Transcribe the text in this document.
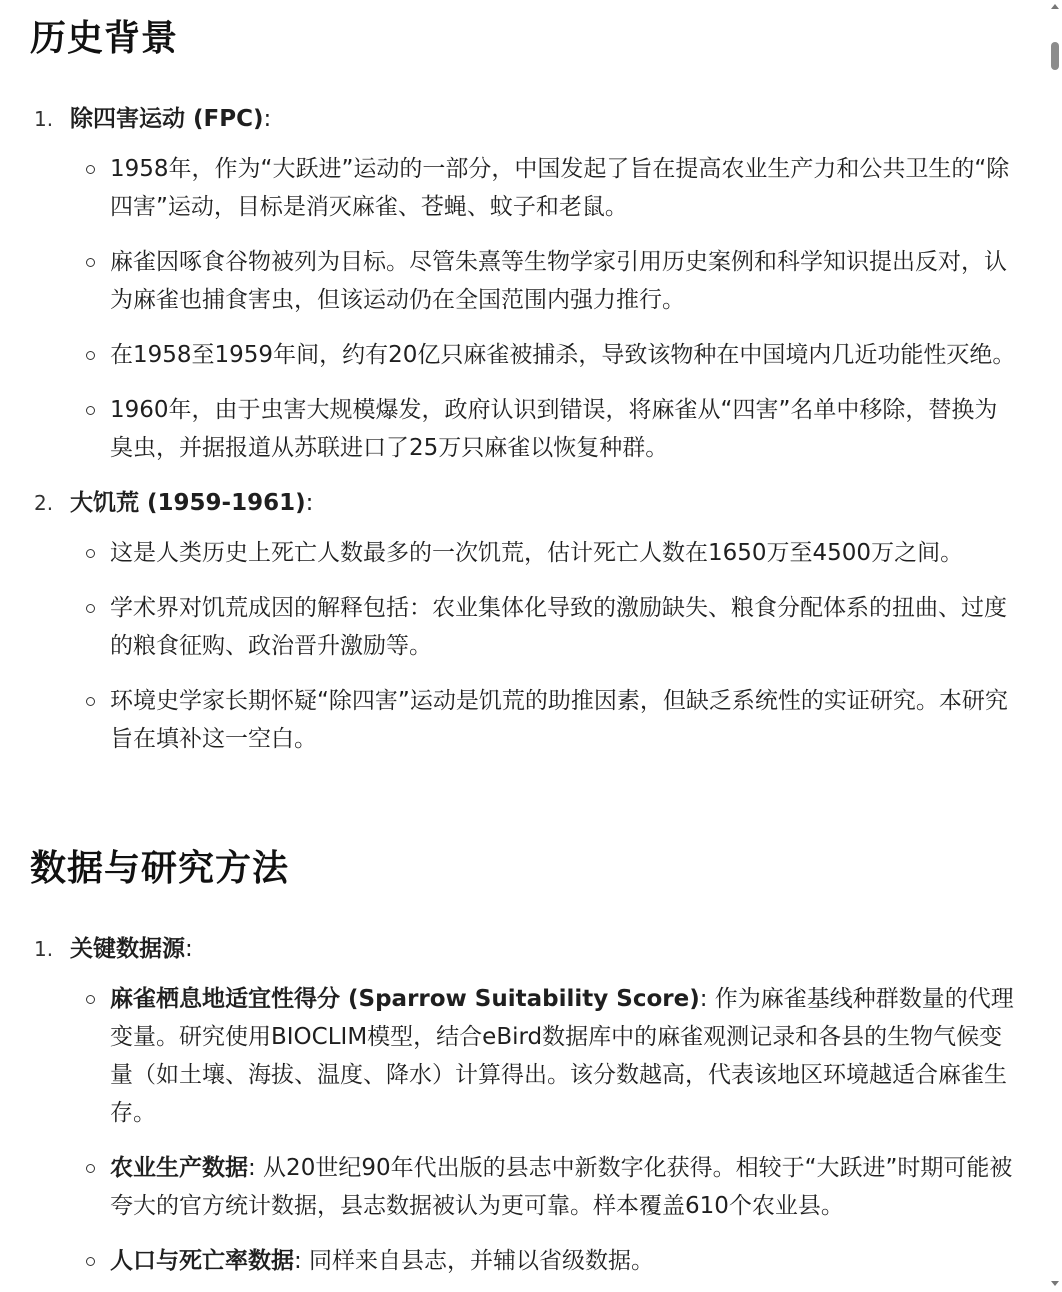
历史背景
1. 除四害运动 (FPC):
1958年，作为“大跃进”运动的一部分，中国发起了旨在提高农业生产力和公共卫生的“除四害”运动，目标是消灭麻雀、苍蝇、蚊子和老鼠。
麻雀因啄食谷物被列为目标。尽管朱熹等生物学家引用历史案例和科学知识提出反对，认为麻雀也捕食害虫，但该运动仍在全国范围内强力推行。
在1958至1959年间，约有20亿只麻雀被捕杀，导致该物种在中国境内几近功能性灭绝。
1960年，由于虫害大规模爆发，政府认识到错误，将麻雀从“四害”名单中移除，替换为臭虫，并据报道从苏联进口了25万只麻雀以恢复种群。
2. 大饥荒 (1959-1961):
这是人类历史上死亡人数最多的一次饥荒，估计死亡人数在1650万至4500万之间。
学术界对饥荒成因的解释包括：农业集体化导致的激励缺失、粮食分配体系的扭曲、过度的粮食征购、政治晋升激励等。
环境史学家长期怀疑“除四害”运动是饥荒的助推因素，但缺乏系统性的实证研究。本研究旨在填补这一空白。
数据与研究方法
1. 关键数据源:
麻雀栖息地适宜性得分 (Sparrow Suitability Score): 作为麻雀基线种群数量的代理变量。研究使用BIOCLIM模型，结合eBird数据库中的麻雀观测记录和各县的生物气候变量（如土壤、海拔、温度、降水）计算得出。该分数越高，代表该地区环境越适合麻雀生存。
农业生产数据: 从20世纪90年代出版的县志中新数字化获得。相较于“大跃进”时期可能被夸大的官方统计数据，县志数据被认为更可靠。样本覆盖610个农业县。
人口与死亡率数据: 同样来自县志，并辅以省级数据。
